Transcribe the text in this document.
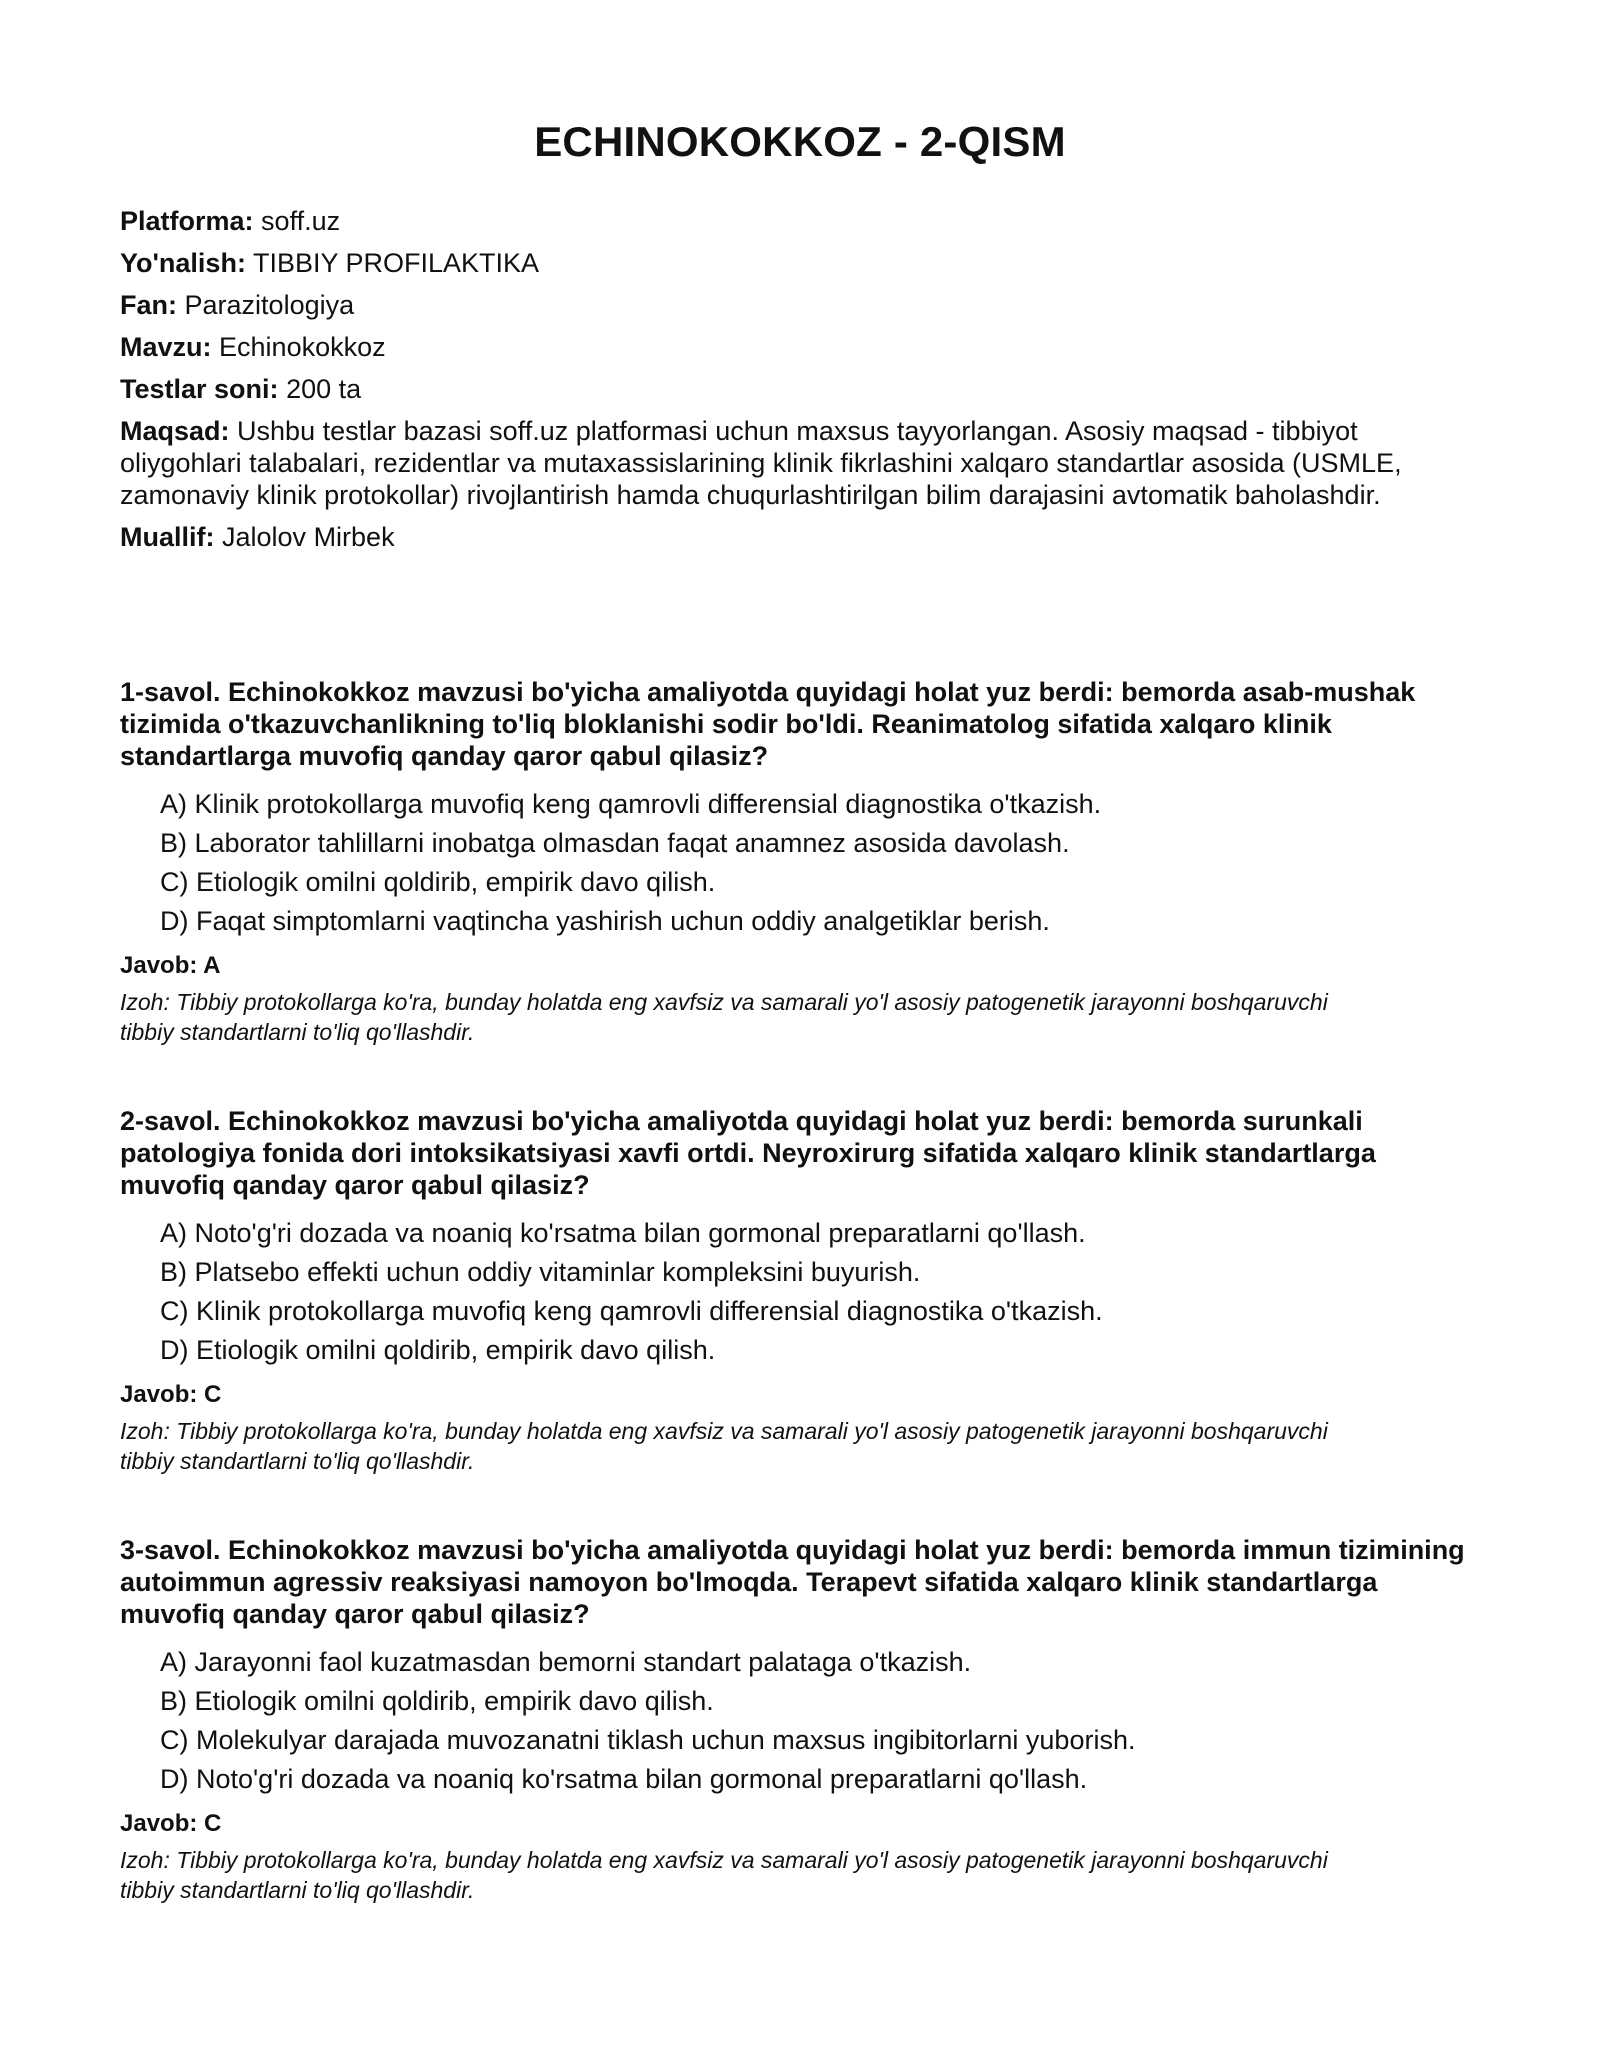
ECHINOKOKKOZ - 2-QISM
Platforma: soff.uz
Yo'nalish: TIBBIY PROFILAKTIKA
Fan: Parazitologiya
Mavzu: Echinokokkoz
Testlar soni: 200 ta
Maqsad: Ushbu testlar bazasi soff.uz platformasi uchun maxsus tayyorlangan. Asosiy maqsad - tibbiyot oliygohlari talabalari, rezidentlar va mutaxassislarining klinik fikrlashini xalqaro standartlar asosida (USMLE, zamonaviy klinik protokollar) rivojlantirish hamda chuqurlashtirilgan bilim darajasini avtomatik baholashdir.
Muallif: Jalolov Mirbek

1-savol. Echinokokkoz mavzusi bo'yicha amaliyotda quyidagi holat yuz berdi: bemorda asab-mushak tizimida o'tkazuvchanlikning to'liq bloklanishi sodir bo'ldi. Reanimatolog sifatida xalqaro klinik standartlarga muvofiq qanday qaror qabul qilasiz?

A) Klinik protokollarga muvofiq keng qamrovli differensial diagnostika o'tkazish.
B) Laborator tahlillarni inobatga olmasdan faqat anamnez asosida davolash.
C) Etiologik omilni qoldirib, empirik davo qilish.
D) Faqat simptomlarni vaqtincha yashirish uchun oddiy analgetiklar berish.
Javob: A
Izoh: Tibbiy protokollarga ko'ra, bunday holatda eng xavfsiz va samarali yo'l asosiy patogenetik jarayonni boshqaruvchi tibbiy standartlarni to'liq qo'llashdir.

2-savol. Echinokokkoz mavzusi bo'yicha amaliyotda quyidagi holat yuz berdi: bemorda surunkali patologiya fonida dori intoksikatsiyasi xavfi ortdi. Neyroxirurg sifatida xalqaro klinik standartlarga muvofiq qanday qaror qabul qilasiz?

A) Noto'g'ri dozada va noaniq ko'rsatma bilan gormonal preparatlarni qo'llash.
B) Platsebo effekti uchun oddiy vitaminlar kompleksini buyurish.
C) Klinik protokollarga muvofiq keng qamrovli differensial diagnostika o'tkazish.
D) Etiologik omilni qoldirib, empirik davo qilish.
Javob: C
Izoh: Tibbiy protokollarga ko'ra, bunday holatda eng xavfsiz va samarali yo'l asosiy patogenetik jarayonni boshqaruvchi tibbiy standartlarni to'liq qo'llashdir.

3-savol. Echinokokkoz mavzusi bo'yicha amaliyotda quyidagi holat yuz berdi: bemorda immun tizimining autoimmun agressiv reaksiyasi namoyon bo'lmoqda. Terapevt sifatida xalqaro klinik standartlarga muvofiq qanday qaror qabul qilasiz?

A) Jarayonni faol kuzatmasdan bemorni standart palataga o'tkazish.
B) Etiologik omilni qoldirib, empirik davo qilish.
C) Molekulyar darajada muvozanatni tiklash uchun maxsus ingibitorlarni yuborish.
D) Noto'g'ri dozada va noaniq ko'rsatma bilan gormonal preparatlarni qo'llash.
Javob: C
Izoh: Tibbiy protokollarga ko'ra, bunday holatda eng xavfsiz va samarali yo'l asosiy patogenetik jarayonni boshqaruvchi tibbiy standartlarni to'liq qo'llashdir.
